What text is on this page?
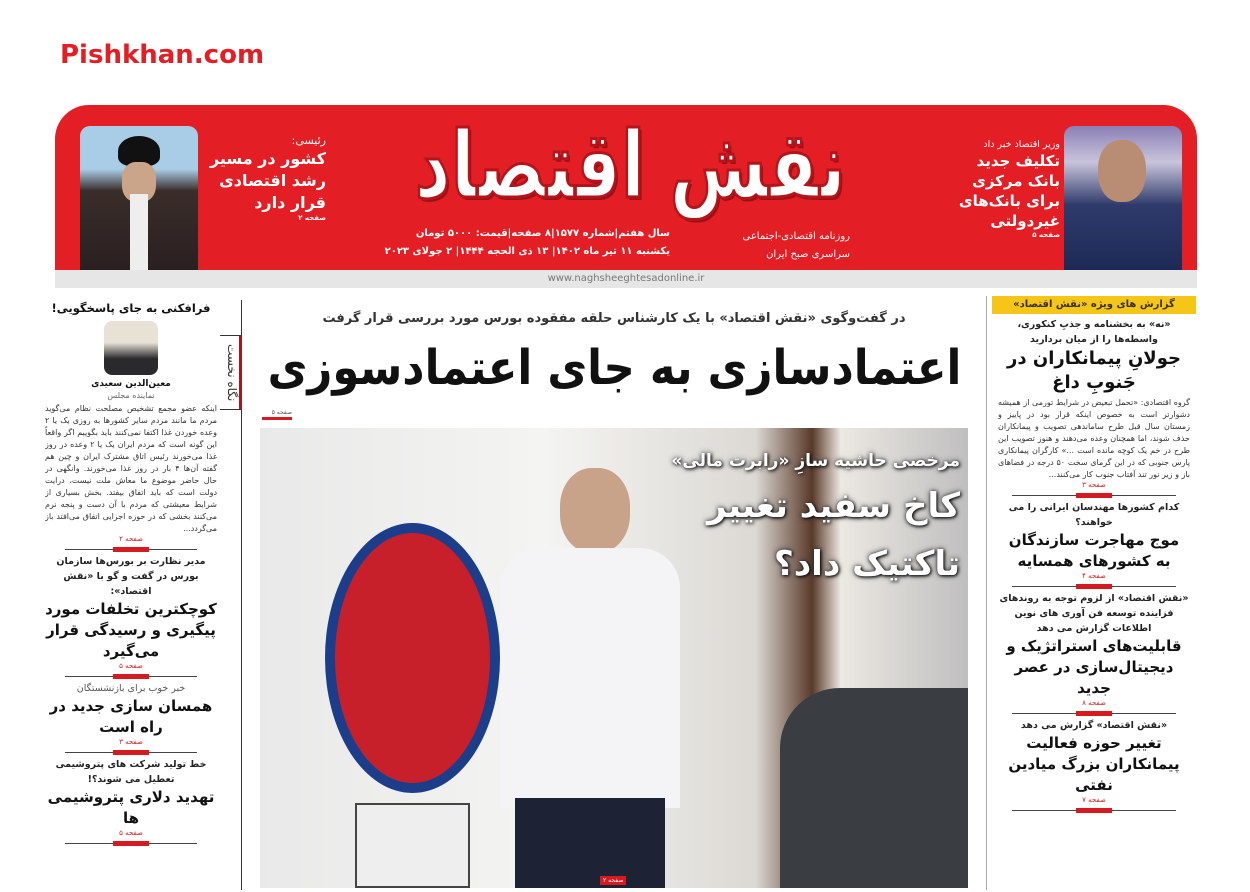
نقش اقتصاد
سال هفتم|شماره ۱۵۷۷|۸ صفحه|قیمت: ۵۰۰۰ تومان
یکشنبه ۱۱ تیر ماه ۱۴۰۲| ۱۳ ذی الحجه ۱۴۴۴| ۲ جولای ۲۰۲۳
روزنامه اقتصادی-اجتماعی
سراسری صبح ایران
www.naghsheeghtesadonline.ir
رئیسی:
کشور در مسیر رشد اقتصادی قرار دارد
صفحه ۲
وزیر اقتصاد خبر داد
تکلیف جدید بانک مرکزی برای بانک‌های غیردولتی
صفحه ۵
Pishkhan.com
نگاه نخست
فرافکنی به جای پاسخگویی!
معین‌الدین سعیدی
نماینده مجلس
اینکه عضو مجمع تشخیص مصلحت نظام می‌گوید مردم ما مانند مردم سایر کشورها به روزی یک یا ۲ وعده خوردن غذا اکتفا نمی‌کنند باید بگوییم اگر واقعاً این گونه است که مردم ایران یک یا ۲ وعده در روز غذا می‌خورند رئیس اتاق مشترک ایران و چین هم گفته آن‌ها ۴ بار در روز غذا می‌خورند. وانگهی در حال حاضر موضوع ما معاش ملت نیست، درایت دولت است که باید اتفاق بیفتد. بخش بسیاری از شرایط معیشتی که مردم با آن دست و پنجه نرم می‌کنند بخشی که در حوزه اجرایی اتفاق می‌افتد باز می‌گردد...
صفحه ۲
مدیر نظارت بر بورس‌ها سازمان بورس در گفت و گو با «نقش اقتصاد»:
کوچکترین تخلفات مورد پیگیری و رسیدگی قرار می‌گیرد
صفحه ۵
خبر خوب برای بازنشستگان
همسان سازی جدید در راه است
صفحه ۳
خط تولید شرکت های پتروشیمی تعطیل می شوند؟!
تهدید دلاری پتروشیمی ها
صفحه ۵
در گفت‌وگوی «نقش اقتصاد» با یک کارشناس حلقه مفقوده بورس مورد بررسی قرار گرفت
اعتمادسازی به جای اعتمادسوزی
صفحه ۵
مرخصی حاشیه سازِ «رابرت مالی»
کاخ سفید تغییر
تاکتیک داد؟
صفحه ۲
گزارش های ویژه «نقش اقتصاد»
«نه» به بخشنامه و جذبِ کنکوری، واسطه‌ها را از میان بردارید
جولانِ پیمانکاران در جَنوبِ داغ
گروه اقتصادی: «تحمل تبعیض در شرایط تورمی از همیشه دشوارتر است به خصوص اینکه قرار بود در پاییز و زمستان سال قبل طرح ساماندهی تصویب و پیمانکاران حذف شوند، اما همچنان وعده می‌دهند و هنوز تصویب این طرح در خم یک کوچه مانده است ...» کارگران پیمانکاری پارس جنوبی که در این گرمای سخت ۵۰ درجه در فضاهای باز و زیر نور تند آفتاب جنوب کار می‌کنند...
صفحه ۳
کدام کشورها مهندسان ایرانی را می خواهند؟
موج مهاجرت سازندگان به کشورهای همسایه
صفحه ۴
«نقش اقتصاد» از لزوم توجه به روندهای فزاینده توسعه فن آوری های نوین اطلاعات گزارش می دهد
قابلیت‌های استراتژیک و دیجیتال‌سازی در عصر جدید
صفحه ۸
«نقش اقتصاد» گزارش می دهد
تغییر حوزه فعالیت پیمانکاران بزرگ میادین نفتی
صفحه ۷
